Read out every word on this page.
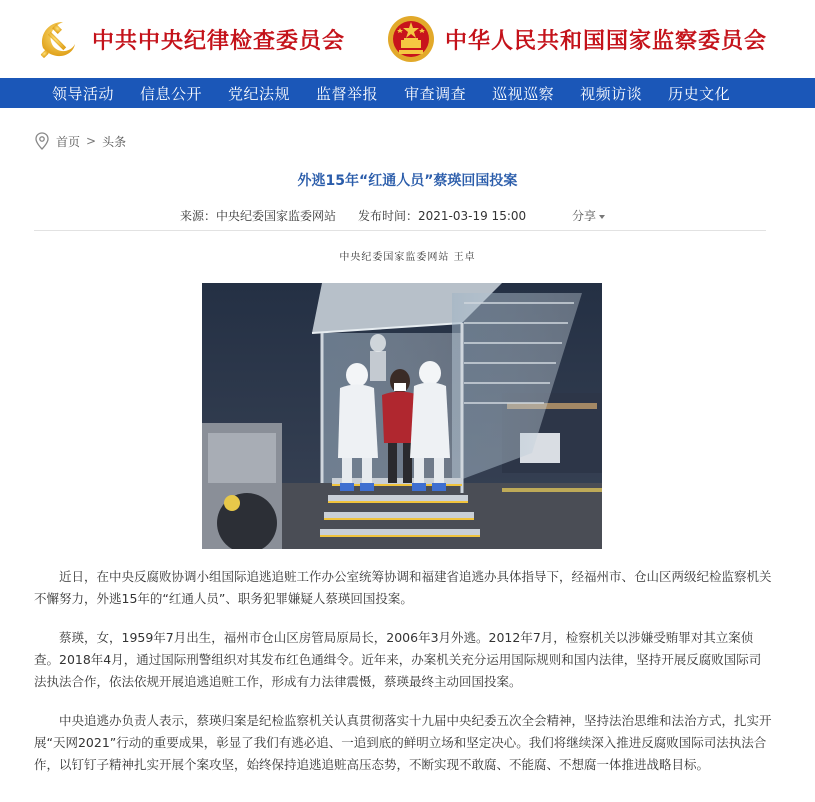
中共中央纪律检查委员会	中华人民共和国国家监察委员会
领导活动 信息公开 党纪法规 监督举报 审查调查 巡视巡察 视频访谈 历史文化
首页 > 头条
外逃15年“红通人员”蔡瑛回国投案
来源：中央纪委国家监委网站 发布时间：2021-03-19 15:00	分享
中央纪委国家监委网站 王卓

近日，在中央反腐败协调小组国际追逃追赃工作办公室统筹协调和福建省追逃办具体指导下，经福州市、仓山区两级纪检监察机关不懈努力，外逃15年的“红通人员”、职务犯罪嫌疑人蔡瑛回国投案。

蔡瑛，女，1959年7月出生，福州市仓山区房管局原局长，2006年3月外逃。2012年7月，检察机关以涉嫌受贿罪对其立案侦查。2018年4月，通过国际刑警组织对其发布红色通缉令。近年来，办案机关充分运用国际规则和国内法律，坚持开展反腐败国际司法执法合作，依法依规开展追逃追赃工作，形成有力法律震慑，蔡瑛最终主动回国投案。

中央追逃办负责人表示，蔡瑛归案是纪检监察机关认真贯彻落实十九届中央纪委五次全会精神，坚持法治思维和法治方式，扎实开展“天网2021”行动的重要成果，彰显了我们有逃必追、一追到底的鲜明立场和坚定决心。我们将继续深入推进反腐败国际司法执法合作，以钉钉子精神扎实开展个案攻坚，始终保持追逃追赃高压态势，不断实现不敢腐、不能腐、不想腐一体推进战略目标。
